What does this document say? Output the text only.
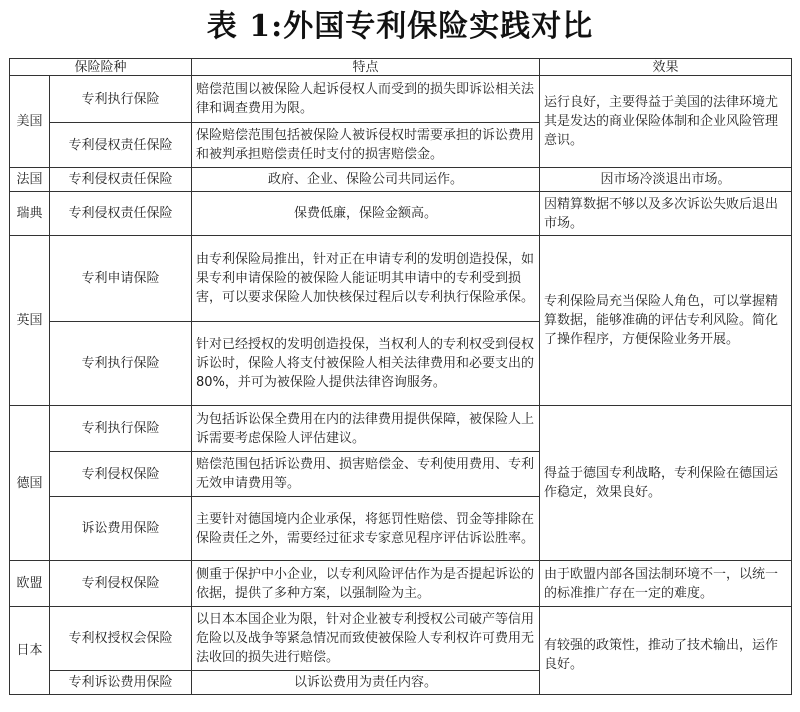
表 1:外国专利保险实践对比
保险险种		特点	效果
美国	专利执行保险	赔偿范围以被保险人起诉侵权人而受到的损失即诉讼相关法律和调查费用为限。	运行良好，主要得益于美国的法律环境尤其是发达的商业保险体制和企业风险管理意识。
	专利侵权责任保险	保险赔偿范围包括被保险人被诉侵权时需要承担的诉讼费用和被判承担赔偿责任时支付的损害赔偿金。	
法国	专利侵权责任保险	政府、企业、保险公司共同运作。	因市场冷淡退出市场。
瑞典	专利侵权责任保险	保费低廉，保险金额高。	因精算数据不够以及多次诉讼失败后退出市场。
英国	专利申请保险	由专利保险局推出，针对正在申请专利的发明创造投保，如果专利申请保险的被保险人能证明其申请中的专利受到损害，可以要求保险人加快核保过程后以专利执行保险承保。	专利保险局充当保险人角色，可以掌握精算数据，能够准确的评估专利风险。简化了操作程序，方便保险业务开展。
	专利执行保险	针对已经授权的发明创造投保，当权利人的专利权受到侵权诉讼时，保险人将支付被保险人相关法律费用和必要支出的80%，并可为被保险人提供法律咨询服务。	
德国	专利执行保险	为包括诉讼保全费用在内的法律费用提供保障，被保险人上诉需要考虑保险人评估建议。	得益于德国专利战略，专利保险在德国运作稳定，效果良好。
	专利侵权保险	赔偿范围包括诉讼费用、损害赔偿金、专利使用费用、专利无效申请费用等。	
	诉讼费用保险	主要针对德国境内企业承保，将惩罚性赔偿、罚金等排除在保险责任之外，需要经过征求专家意见程序评估诉讼胜率。	
欧盟	专利侵权保险	侧重于保护中小企业，以专利风险评估作为是否提起诉讼的依据，提供了多种方案，以强制险为主。	由于欧盟内部各国法制环境不一，以统一的标准推广存在一定的难度。
日本	专利权授权会保险	以日本本国企业为限，针对企业被专利授权公司破产等信用危险以及战争等紧急情况而致使被保险人专利权许可费用无法收回的损失进行赔偿。	有较强的政策性，推动了技术输出，运作良好。
	专利诉讼费用保险	以诉讼费用为责任内容。	
